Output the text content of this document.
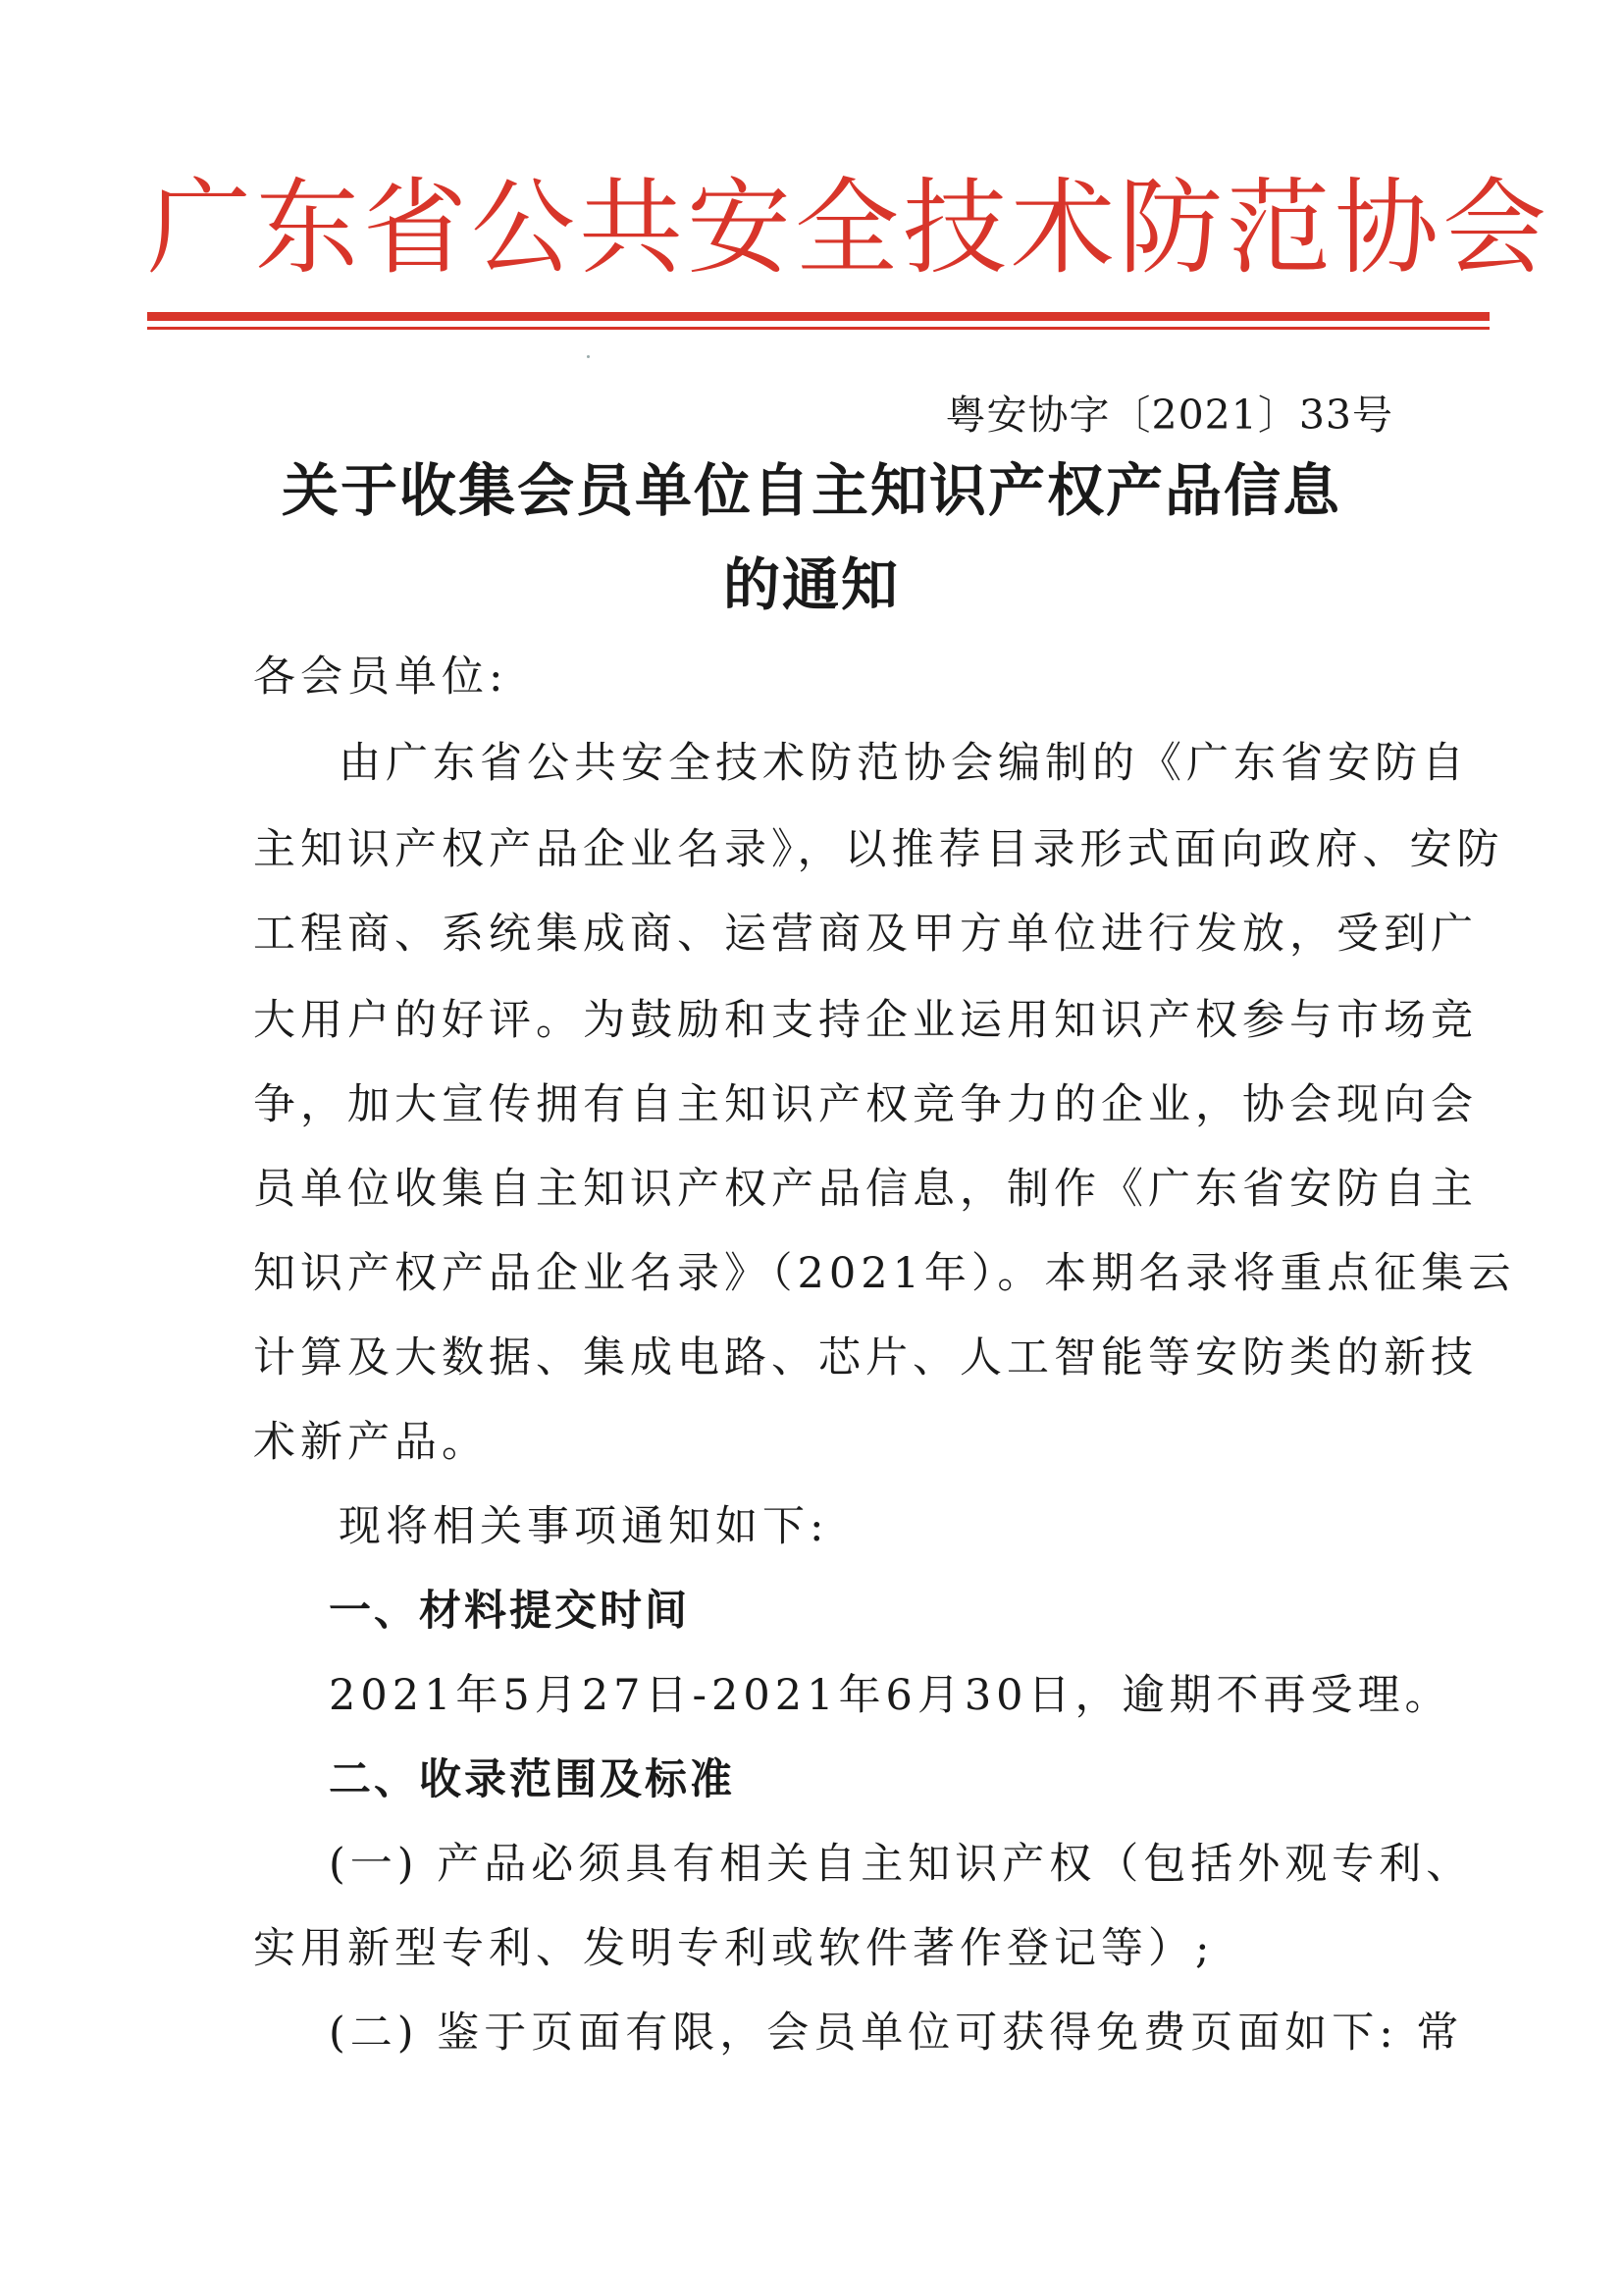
广东省公共安全技术防范协会
粤安协字〔2021〕33号
关于收集会员单位自主知识产权产品信息
的通知
各会员单位:
由广东省公共安全技术防范协会编制的《广东省安防自
主知识产权产品企业名录》，以推荐目录形式面向政府、安防
工程商、系统集成商、运营商及甲方单位进行发放，受到广
大用户的好评。为鼓励和支持企业运用知识产权参与市场竞
争，加大宣传拥有自主知识产权竞争力的企业，协会现向会
员单位收集自主知识产权产品信息，制作《广东省安防自主
知识产权产品企业名录》（2021年）。本期名录将重点征集云
计算及大数据、集成电路、芯片、人工智能等安防类的新技
术新产品。
现将相关事项通知如下:
一、材料提交时间
2021年5月27日-2021年6月30日，逾期不再受理。
二、收录范围及标准
(一) 产品必须具有相关自主知识产权（包括外观专利、
实用新型专利、发明专利或软件著作登记等）;
(二) 鉴于页面有限，会员单位可获得免费页面如下: 常
